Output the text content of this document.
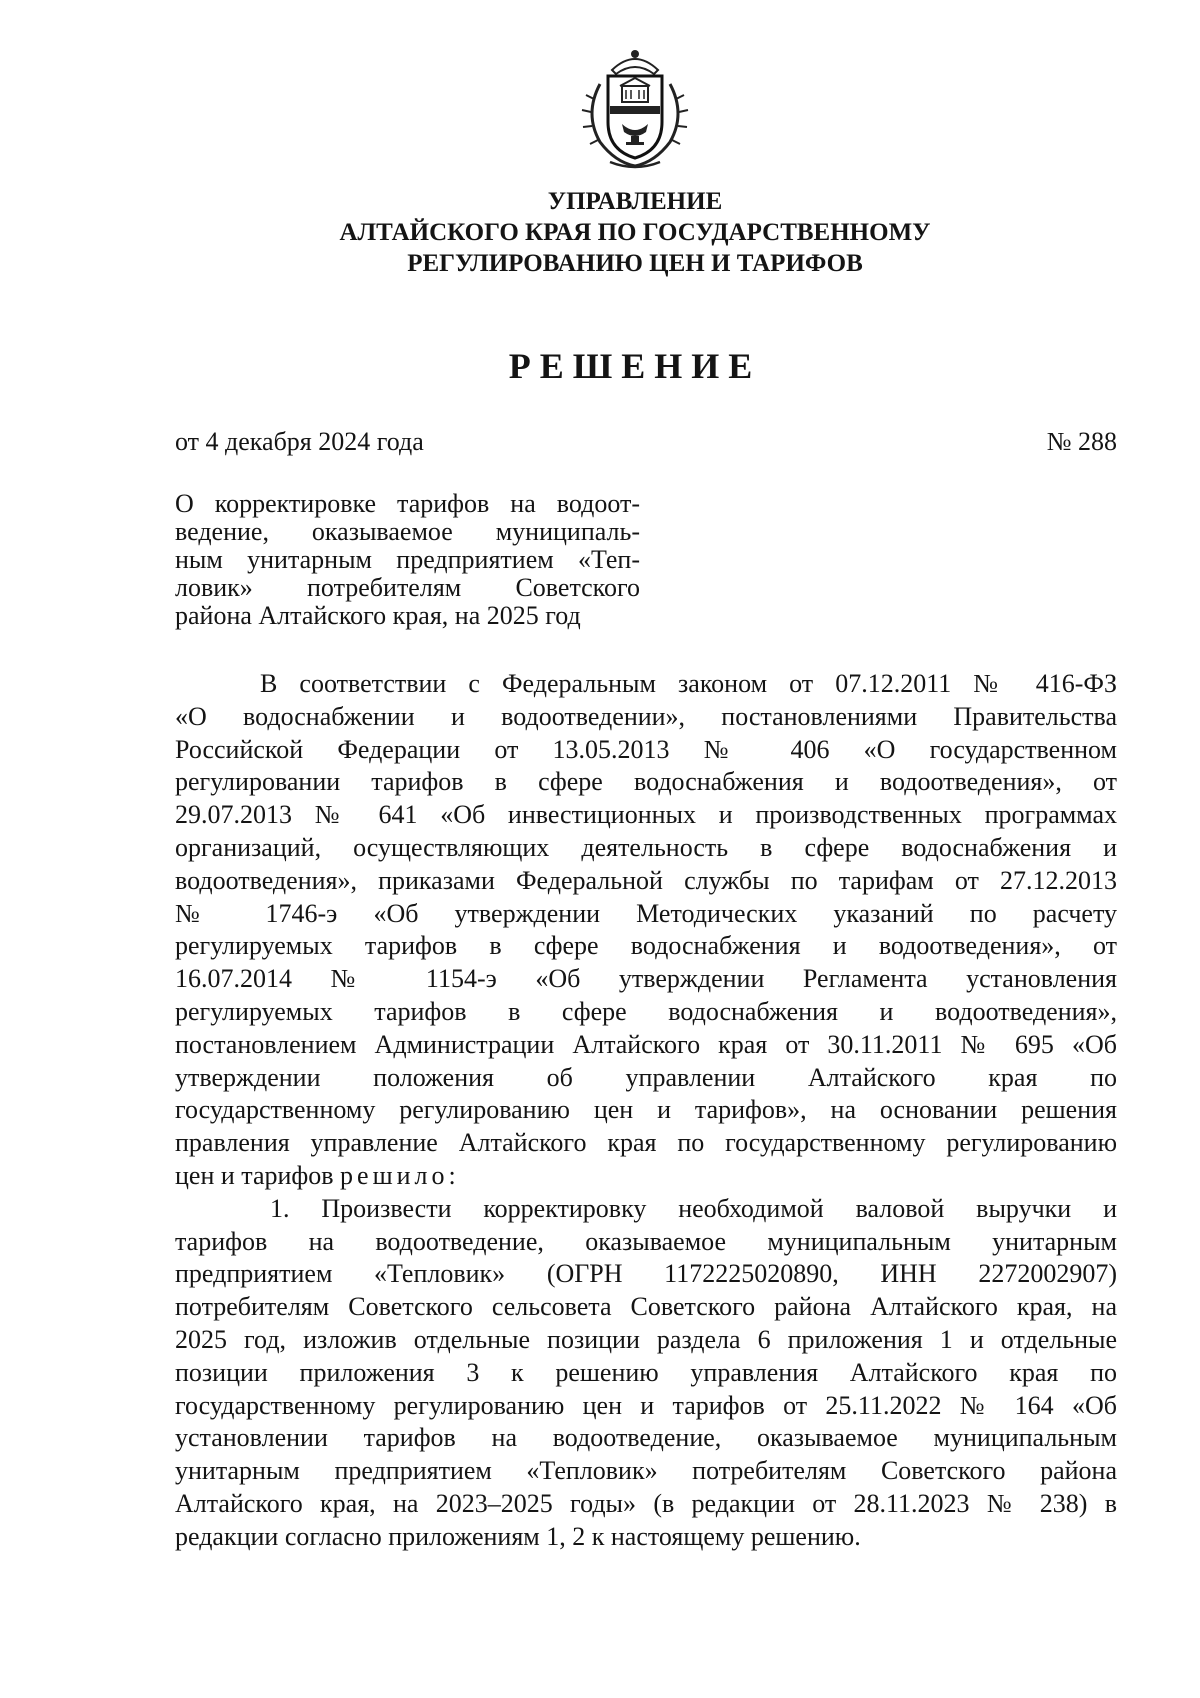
УПРАВЛЕНИЕ
АЛТАЙСКОГО КРАЯ ПО ГОСУДАРСТВЕННОМУ
РЕГУЛИРОВАНИЮ ЦЕН И ТАРИФОВ
РЕШЕНИЕ
от 4 декабря 2024 года	№ 288
О корректировке тарифов на водоот-
ведение, оказываемое муниципаль-
ным унитарным предприятием «Теп-
ловик» потребителям Советского
района Алтайского края, на 2025 год
В соответствии с Федеральным законом от 07.12.2011 № 416-ФЗ
«О водоснабжении и водоотведении», постановлениями Правительства
Российской Федерации от 13.05.2013 № 406 «О государственном
регулировании тарифов в сфере водоснабжения и водоотведения», от
29.07.2013 № 641 «Об инвестиционных и производственных программах
организаций, осуществляющих деятельность в сфере водоснабжения и
водоотведения», приказами Федеральной службы по тарифам от 27.12.2013
№ 1746-э «Об утверждении Методических указаний по расчету
регулируемых тарифов в сфере водоснабжения и водоотведения», от
16.07.2014 № 1154-э «Об утверждении Регламента установления
регулируемых тарифов в сфере водоснабжения и водоотведения»,
постановлением Администрации Алтайского края от 30.11.2011 № 695 «Об
утверждении положения об управлении Алтайского края по
государственному регулированию цен и тарифов», на основании решения
правления управление Алтайского края по государственному регулированию
цен и тарифов решило:
1. Произвести корректировку необходимой валовой выручки и
тарифов на водоотведение, оказываемое муниципальным унитарным
предприятием «Тепловик» (ОГРН 1172225020890, ИНН 2272002907)
потребителям Советского сельсовета Советского района Алтайского края, на
2025 год, изложив отдельные позиции раздела 6 приложения 1 и отдельные
позиции приложения 3 к решению управления Алтайского края по
государственному регулированию цен и тарифов от 25.11.2022 № 164 «Об
установлении тарифов на водоотведение, оказываемое муниципальным
унитарным предприятием «Тепловик» потребителям Советского района
Алтайского края, на 2023–2025 годы» (в редакции от 28.11.2023 № 238) в
редакции согласно приложениям 1, 2 к настоящему решению.
